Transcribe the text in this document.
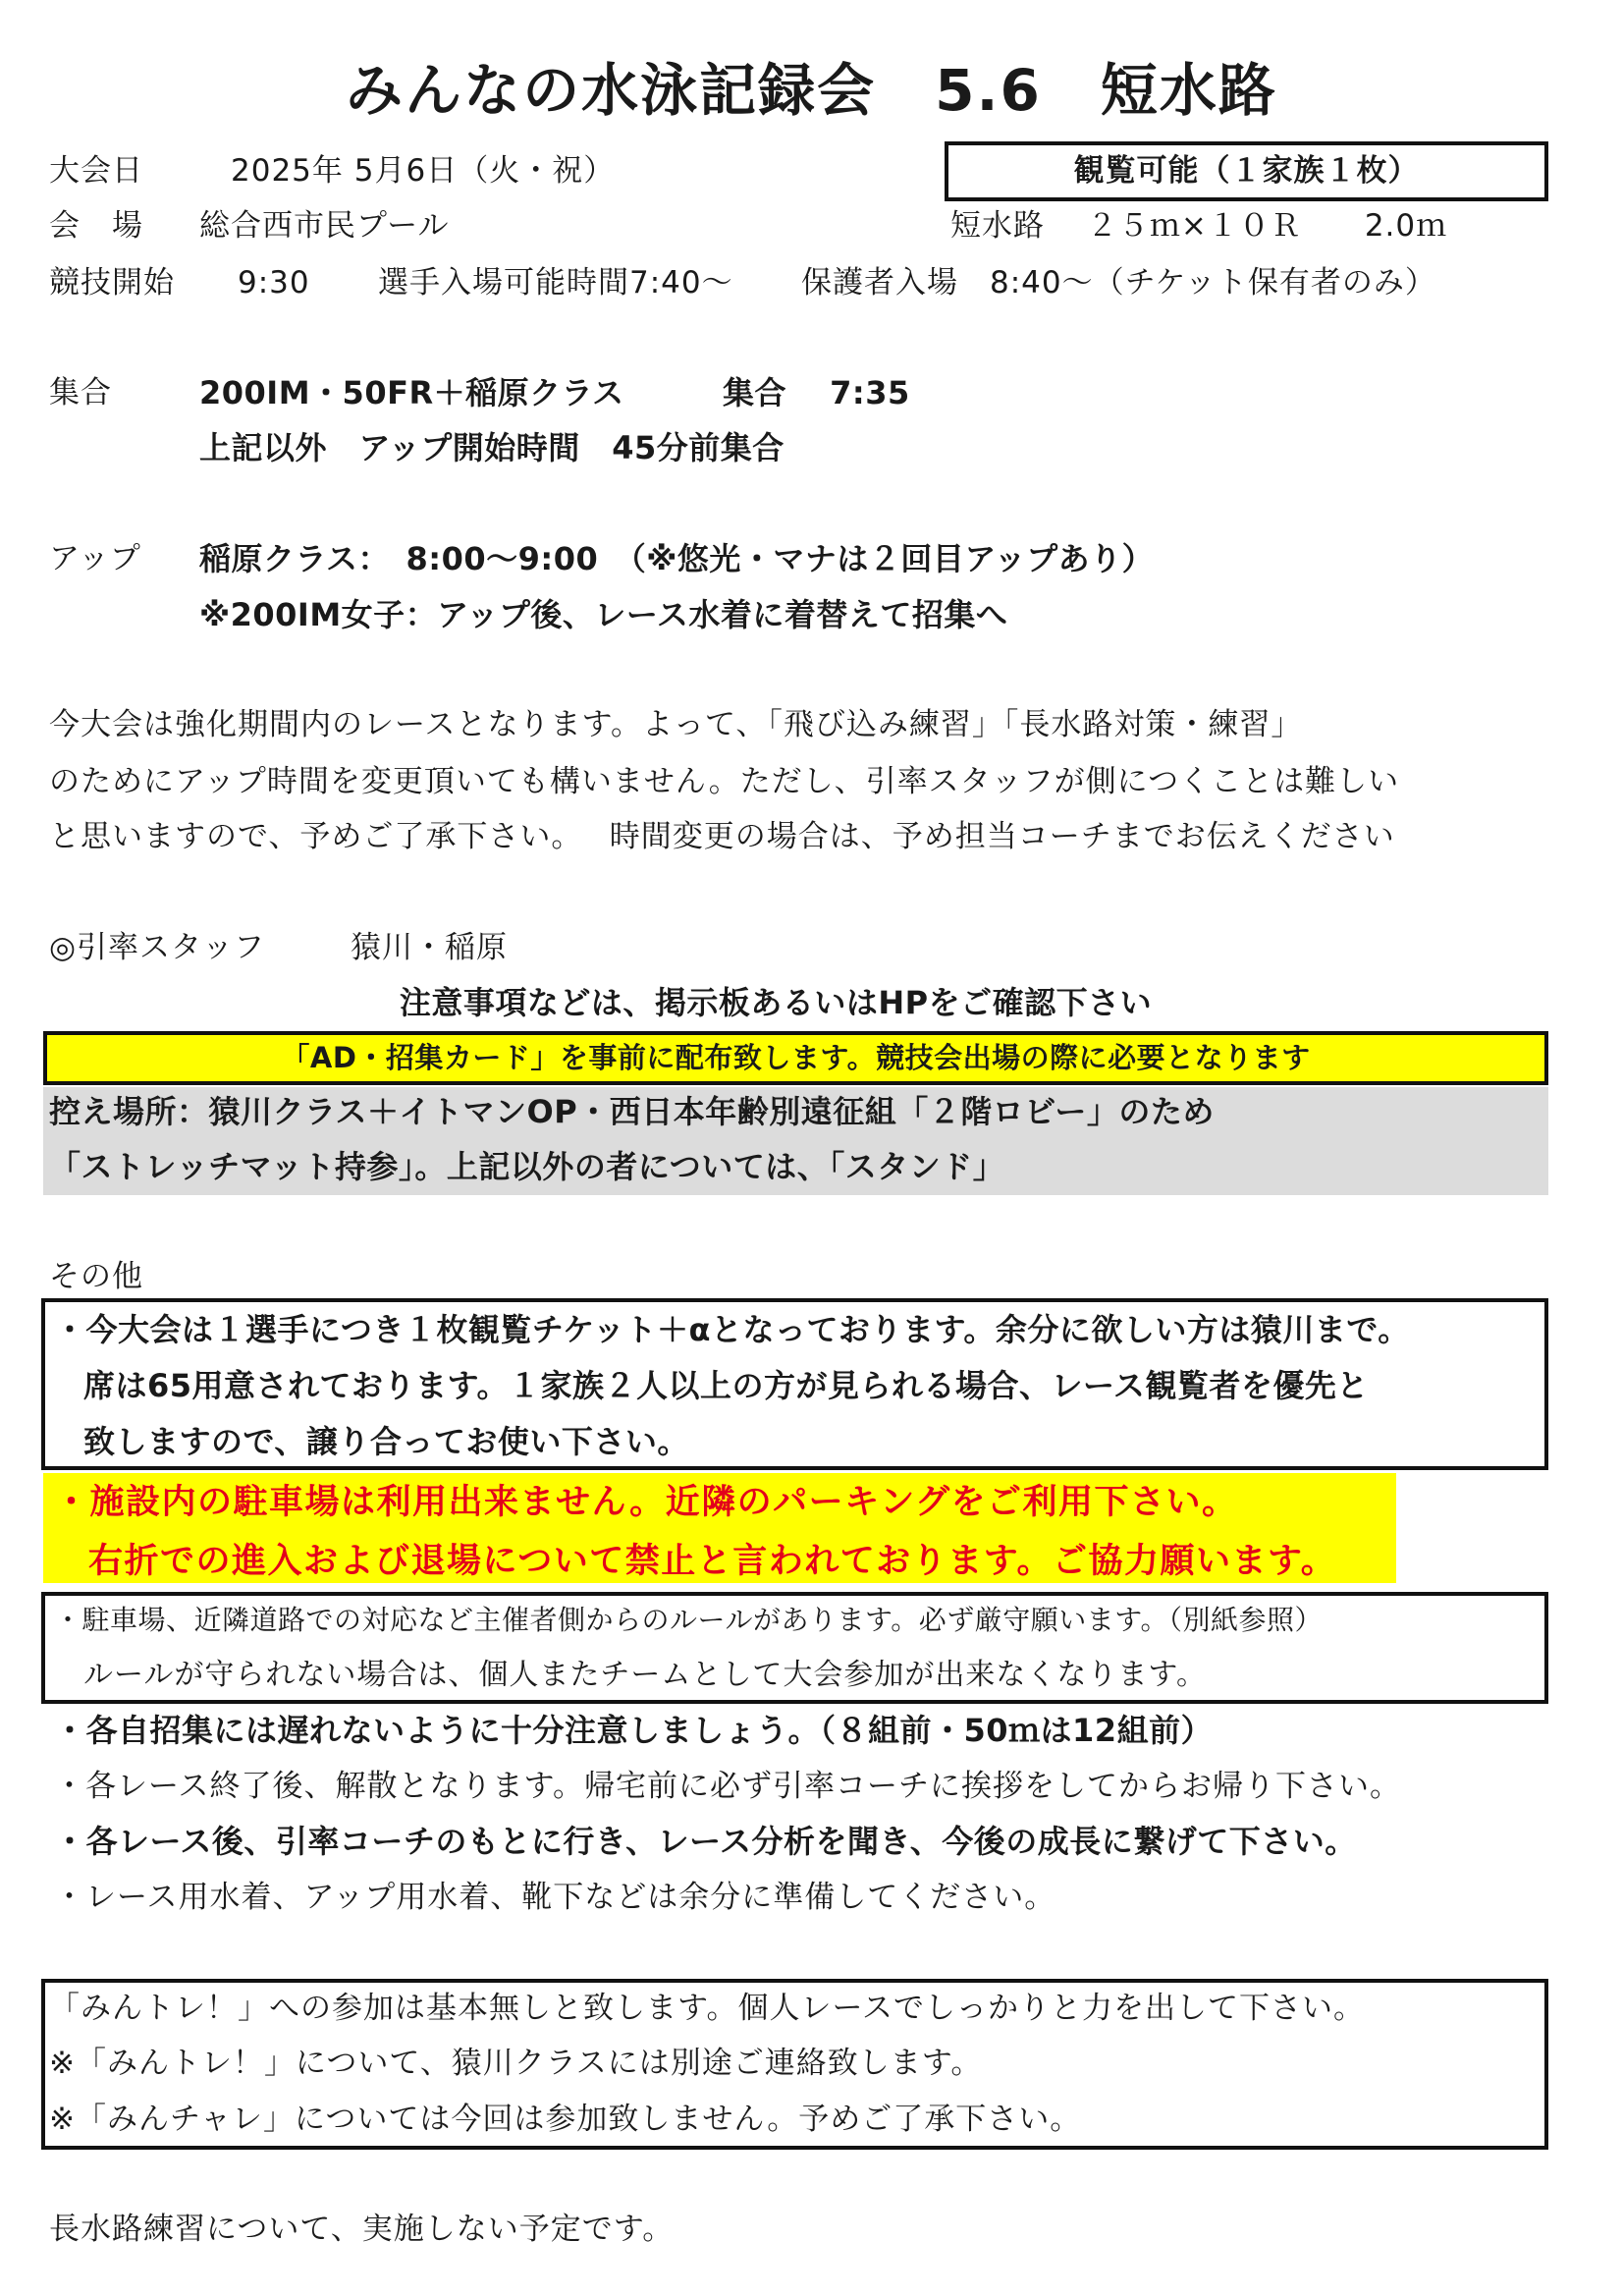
みんなの水泳記録会　5.6　短水路
大会日	2025年 5月6日（火・祝）	観覧可能（１家族１枚）
会　場 総合西市民プール	短水路　 ２５ｍ×１０Ｒ　　2.0ｍ
競技開始 9:30 選手入場可能時間7:40～ 保護者入場　8:40～（チケット保有者のみ）
集合	200IM・50FR＋稲原クラス	集合　 7:35
上記以外　アップ開始時間　45分前集合
アップ 稲原クラス：　8:00～9:00　（※悠光・マナは２回目アップあり）
※200IM女子：アップ後、レース水着に着替えて招集へ
今大会は強化期間内のレースとなります。よって、「飛び込み練習」「長水路対策・練習」
のためにアップ時間を変更頂いても構いません。ただし、引率スタッフが側につくことは難しい
と思いますので、予めご了承下さい。　 時間変更の場合は、予め担当コーチまでお伝えください
◎引率スタッフ	猿川・稲原
注意事項などは、掲示板あるいはHPをご確認下さい
「AD・招集カード」を事前に配布致します。競技会出場の際に必要となります
控え場所：猿川クラス＋イトマンOP・西日本年齢別遠征組「２階ロビー」のため
「ストレッチマット持参」。上記以外の者については、「スタンド」
その他
・今大会は１選手につき１枚観覧チケット＋αとなっております。余分に欲しい方は猿川まで。
席は65用意されております。１家族２人以上の方が見られる場合、レース観覧者を優先と
致しますので、譲り合ってお使い下さい。
・施設内の駐車場は利用出来ません。近隣のパーキングをご利用下さい。
右折での進入および退場について禁止と言われております。ご協力願います。
・駐車場、近隣道路での対応など主催者側からのルールがあります。必ず厳守願います。（別紙参照）
ルールが守られない場合は、個人またチームとして大会参加が出来なくなります。
・各自招集には遅れないように十分注意しましょう。（８組前・50ｍは12組前）
・各レース終了後、解散となります。帰宅前に必ず引率コーチに挨拶をしてからお帰り下さい。
・各レース後、引率コーチのもとに行き、レース分析を聞き、今後の成長に繋げて下さい。
・レース用水着、アップ用水着、靴下などは余分に準備してください。
「みんトレ！」への参加は基本無しと致します。個人レースでしっかりと力を出して下さい。
※「みんトレ！」について、猿川クラスには別途ご連絡致します。
※「みんチャレ」については今回は参加致しません。予めご了承下さい。
長水路練習について、実施しない予定です。
